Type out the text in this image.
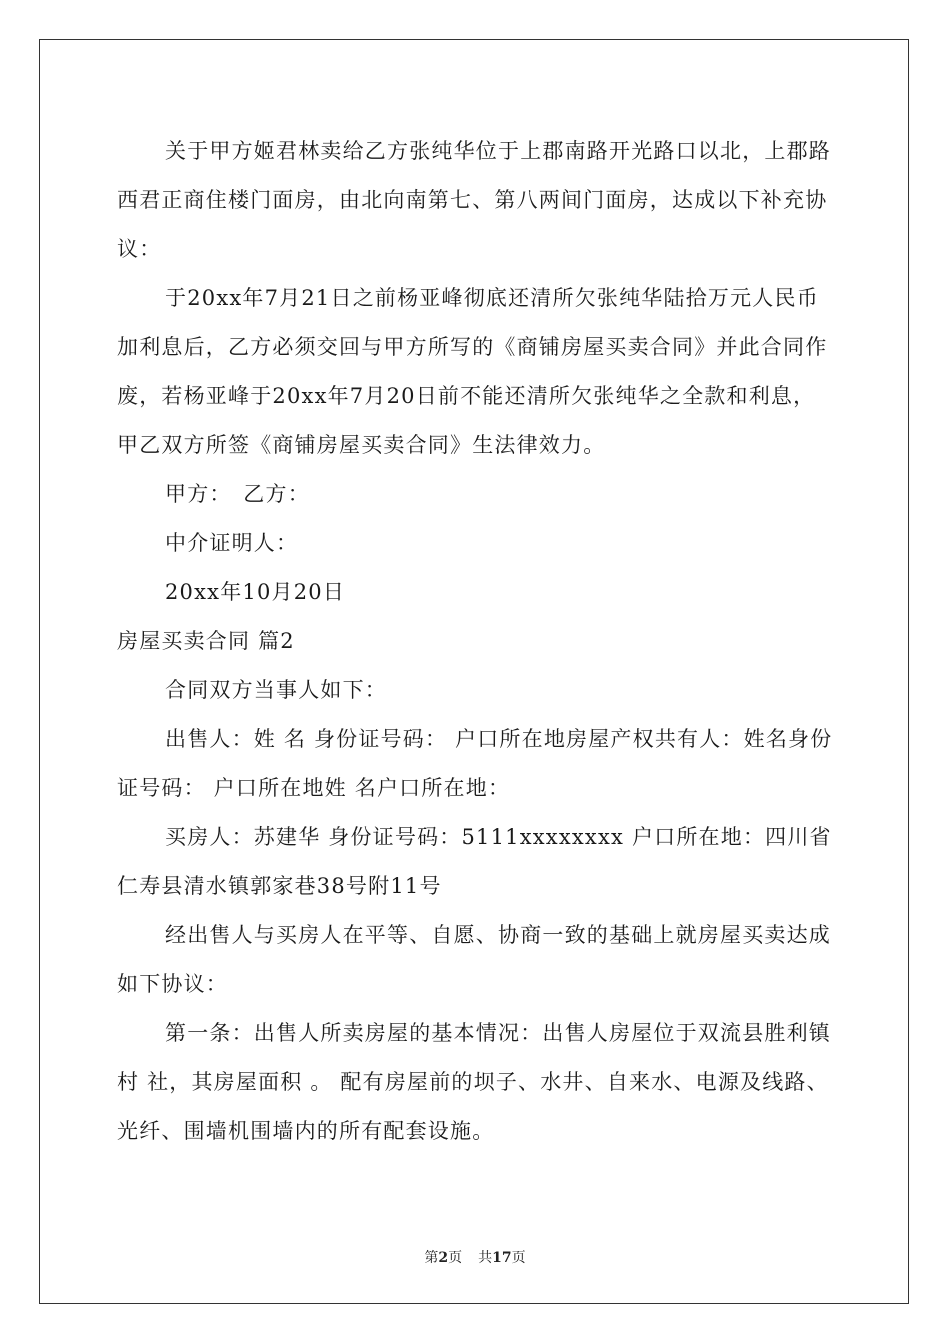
关于甲方姬君林卖给乙方张纯华位于上郡南路开光路口以北，上郡路西君正商住楼门面房，由北向南第七、第八两间门面房，达成以下补充协议：

于20xx年7月21日之前杨亚峰彻底还清所欠张纯华陆拾万元人民币加利息后，乙方必须交回与甲方所写的《商铺房屋买卖合同》并此合同作废，若杨亚峰于20xx年7月20日前不能还清所欠张纯华之全款和利息，甲乙双方所签《商铺房屋买卖合同》生法律效力。

甲方：　乙方：

中介证明人：

20xx年10月20日

房屋买卖合同 篇2

合同双方当事人如下：

出售人：姓 名 身份证号码： 户口所在地房屋产权共有人：姓名身份证号码： 户口所在地姓 名户口所在地：

买房人：苏建华 身份证号码：5111xxxxxxxx 户口所在地：四川省仁寿县清水镇郭家巷38号附11号

经出售人与买房人在平等、自愿、协商一致的基础上就房屋买卖达成如下协议：

第一条：出售人所卖房屋的基本情况：出售人房屋位于双流县胜利镇 村 社，其房屋面积 。 配有房屋前的坝子、水井、自来水、电源及线路、光纤、围墙机围墙内的所有配套设施。

第2页 共17页
